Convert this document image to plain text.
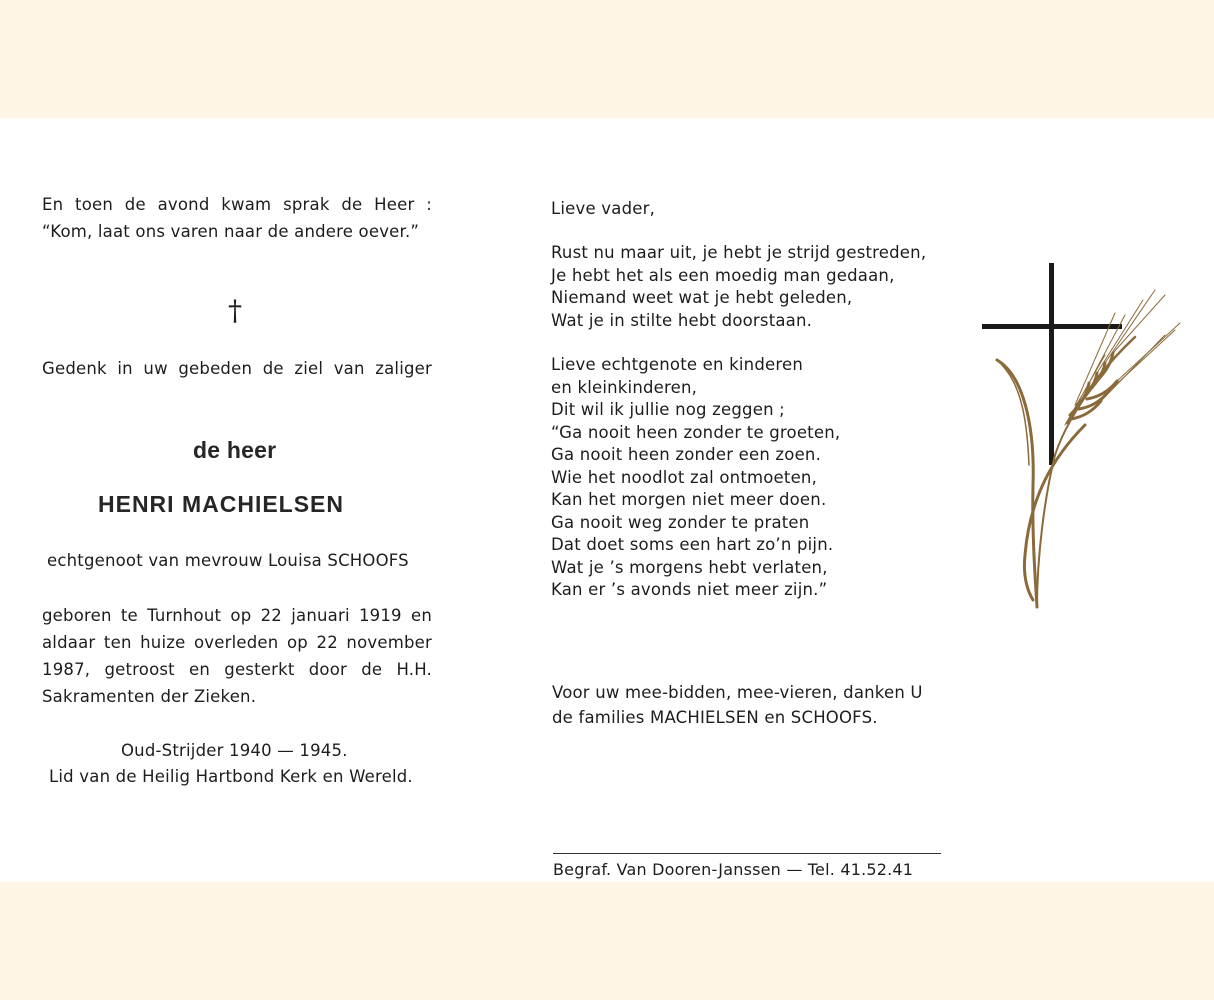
En toen de avond kwam sprak de Heer :
“Kom, laat ons varen naar de andere oever.”
†
Gedenk in uw gebeden de ziel van zaliger
de heer
HENRI MACHIELSEN
echtgenoot van mevrouw Louisa SCHOOFS
geboren te Turnhout op 22 januari 1919 en
aldaar ten huize overleden op 22 november
1987, getroost en gesterkt door de H.H.
Sakramenten der Zieken.
Oud-Strijder 1940 — 1945.
Lid van de Heilig Hartbond Kerk en Wereld.
Lieve vader,
Rust nu maar uit, je hebt je strijd gestreden,
Je hebt het als een moedig man gedaan,
Niemand weet wat je hebt geleden,
Wat je in stilte hebt doorstaan.
Lieve echtgenote en kinderen
en kleinkinderen,
Dit wil ik jullie nog zeggen ;
“Ga nooit heen zonder te groeten,
Ga nooit heen zonder een zoen.
Wie het noodlot zal ontmoeten,
Kan het morgen niet meer doen.
Ga nooit weg zonder te praten
Dat doet soms een hart zo’n pijn.
Wat je ’s morgens hebt verlaten,
Kan er ’s avonds niet meer zijn.”
Voor uw mee-bidden, mee-vieren, danken U
de families MACHIELSEN en SCHOOFS.
Begraf. Van Dooren-Janssen — Tel. 41.52.41
